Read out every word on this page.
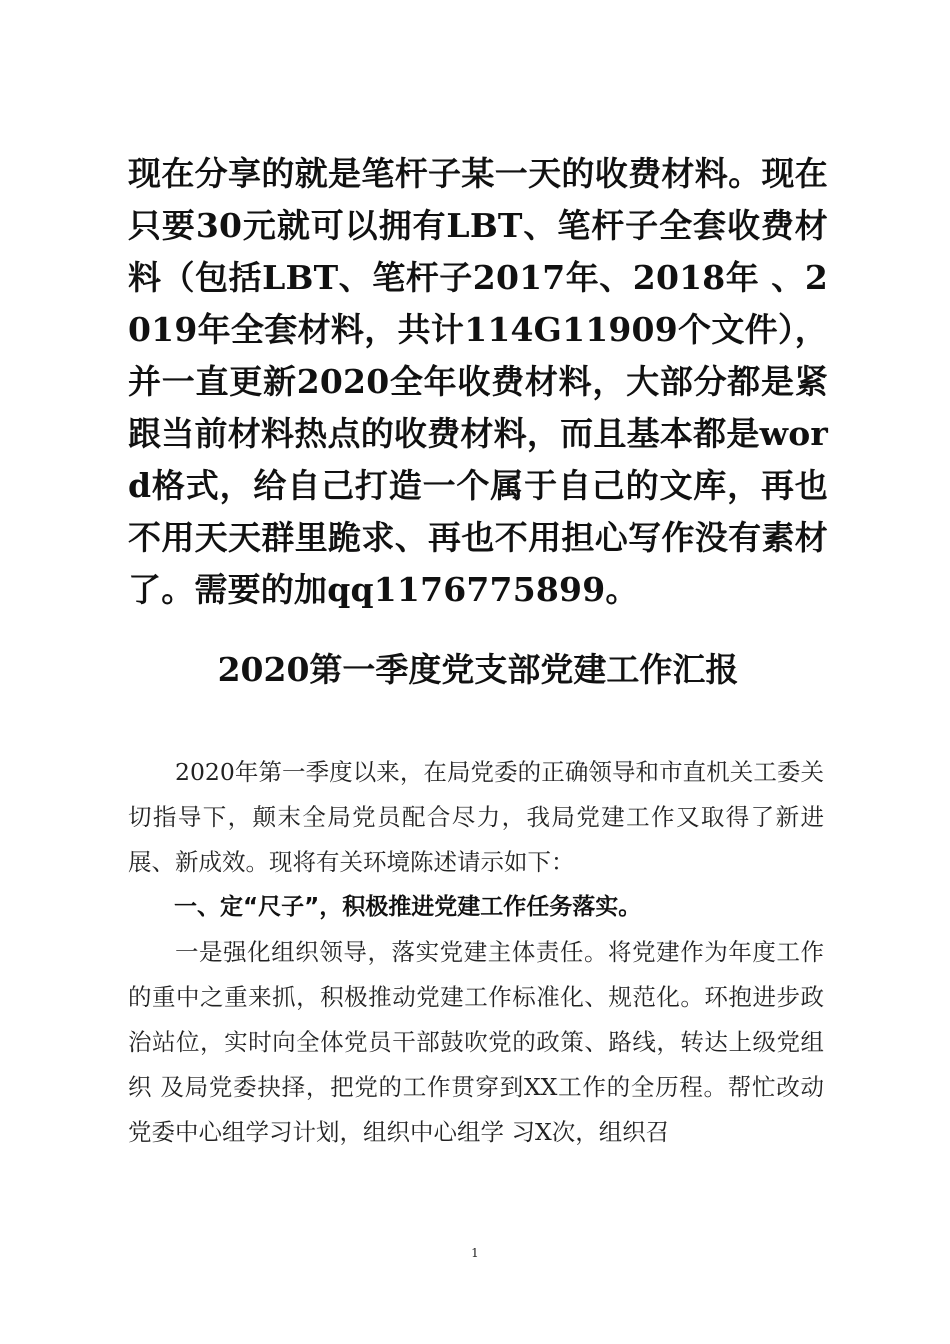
现在分享的就是笔杆子某一天的收费材料。现在只要30元就可以拥有LBT、笔杆子全套收费材料（包括LBT、笔杆子2017年、2018年 、2019年全套材料，共计114G11909个文件），并一直更新2020全年收费材料，大部分都是紧跟当前材料热点的收费材料，而且基本都是word格式，给自己打造一个属于自己的文库，再也不用天天群里跪求、再也不用担心写作没有素材了。需要的加qq1176775899。
2020第一季度党支部党建工作汇报

2020年第一季度以来，在局党委的正确领导和市直机关工委关切指导下，颠末全局党员配合尽力，我局党建工作又取得了新进展、新成效。现将有关环境陈述请示如下：

一、定“尺子”，积极推进党建工作任务落实。

一是强化组织领导，落实党建主体责任。将党建作为年度工作的重中之重来抓，积极推动党建工作标准化、规范化。环抱进步政治站位，实时向全体党员干部鼓吹党的政策、路线，转达上级党组织 及局党委抉择，把党的工作贯穿到XX工作的全历程。帮忙改动党委中心组学习计划，组织中心组学 习X次，组织召

1
